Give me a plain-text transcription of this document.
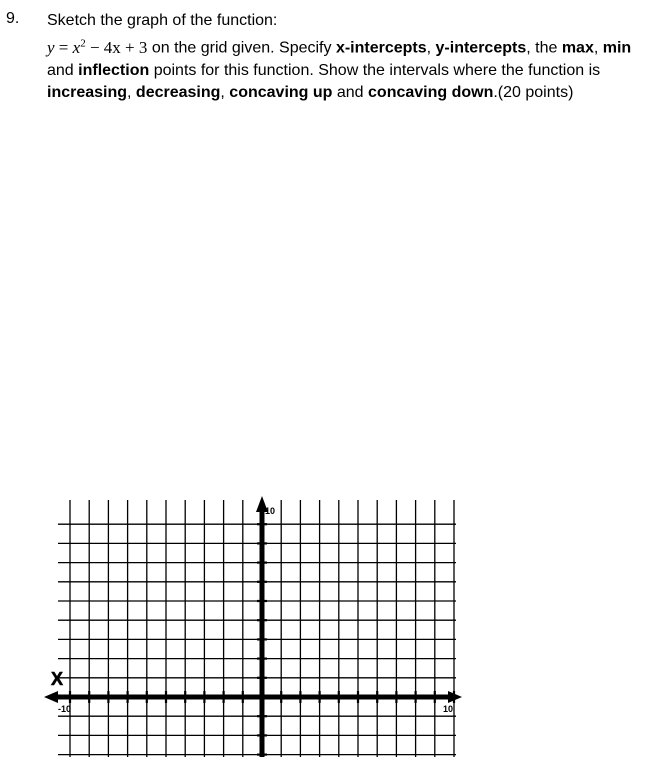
9. Sketch the graph of the function:
$y = x^2 - 4x + 3$ on the grid given. Specify x-intercepts, y-intercepts, the max, min
and inflection points for this function. Show the intervals where the function is
increasing, decreasing, concaving up and concaving down.(20 points)
X
-10	10
10
